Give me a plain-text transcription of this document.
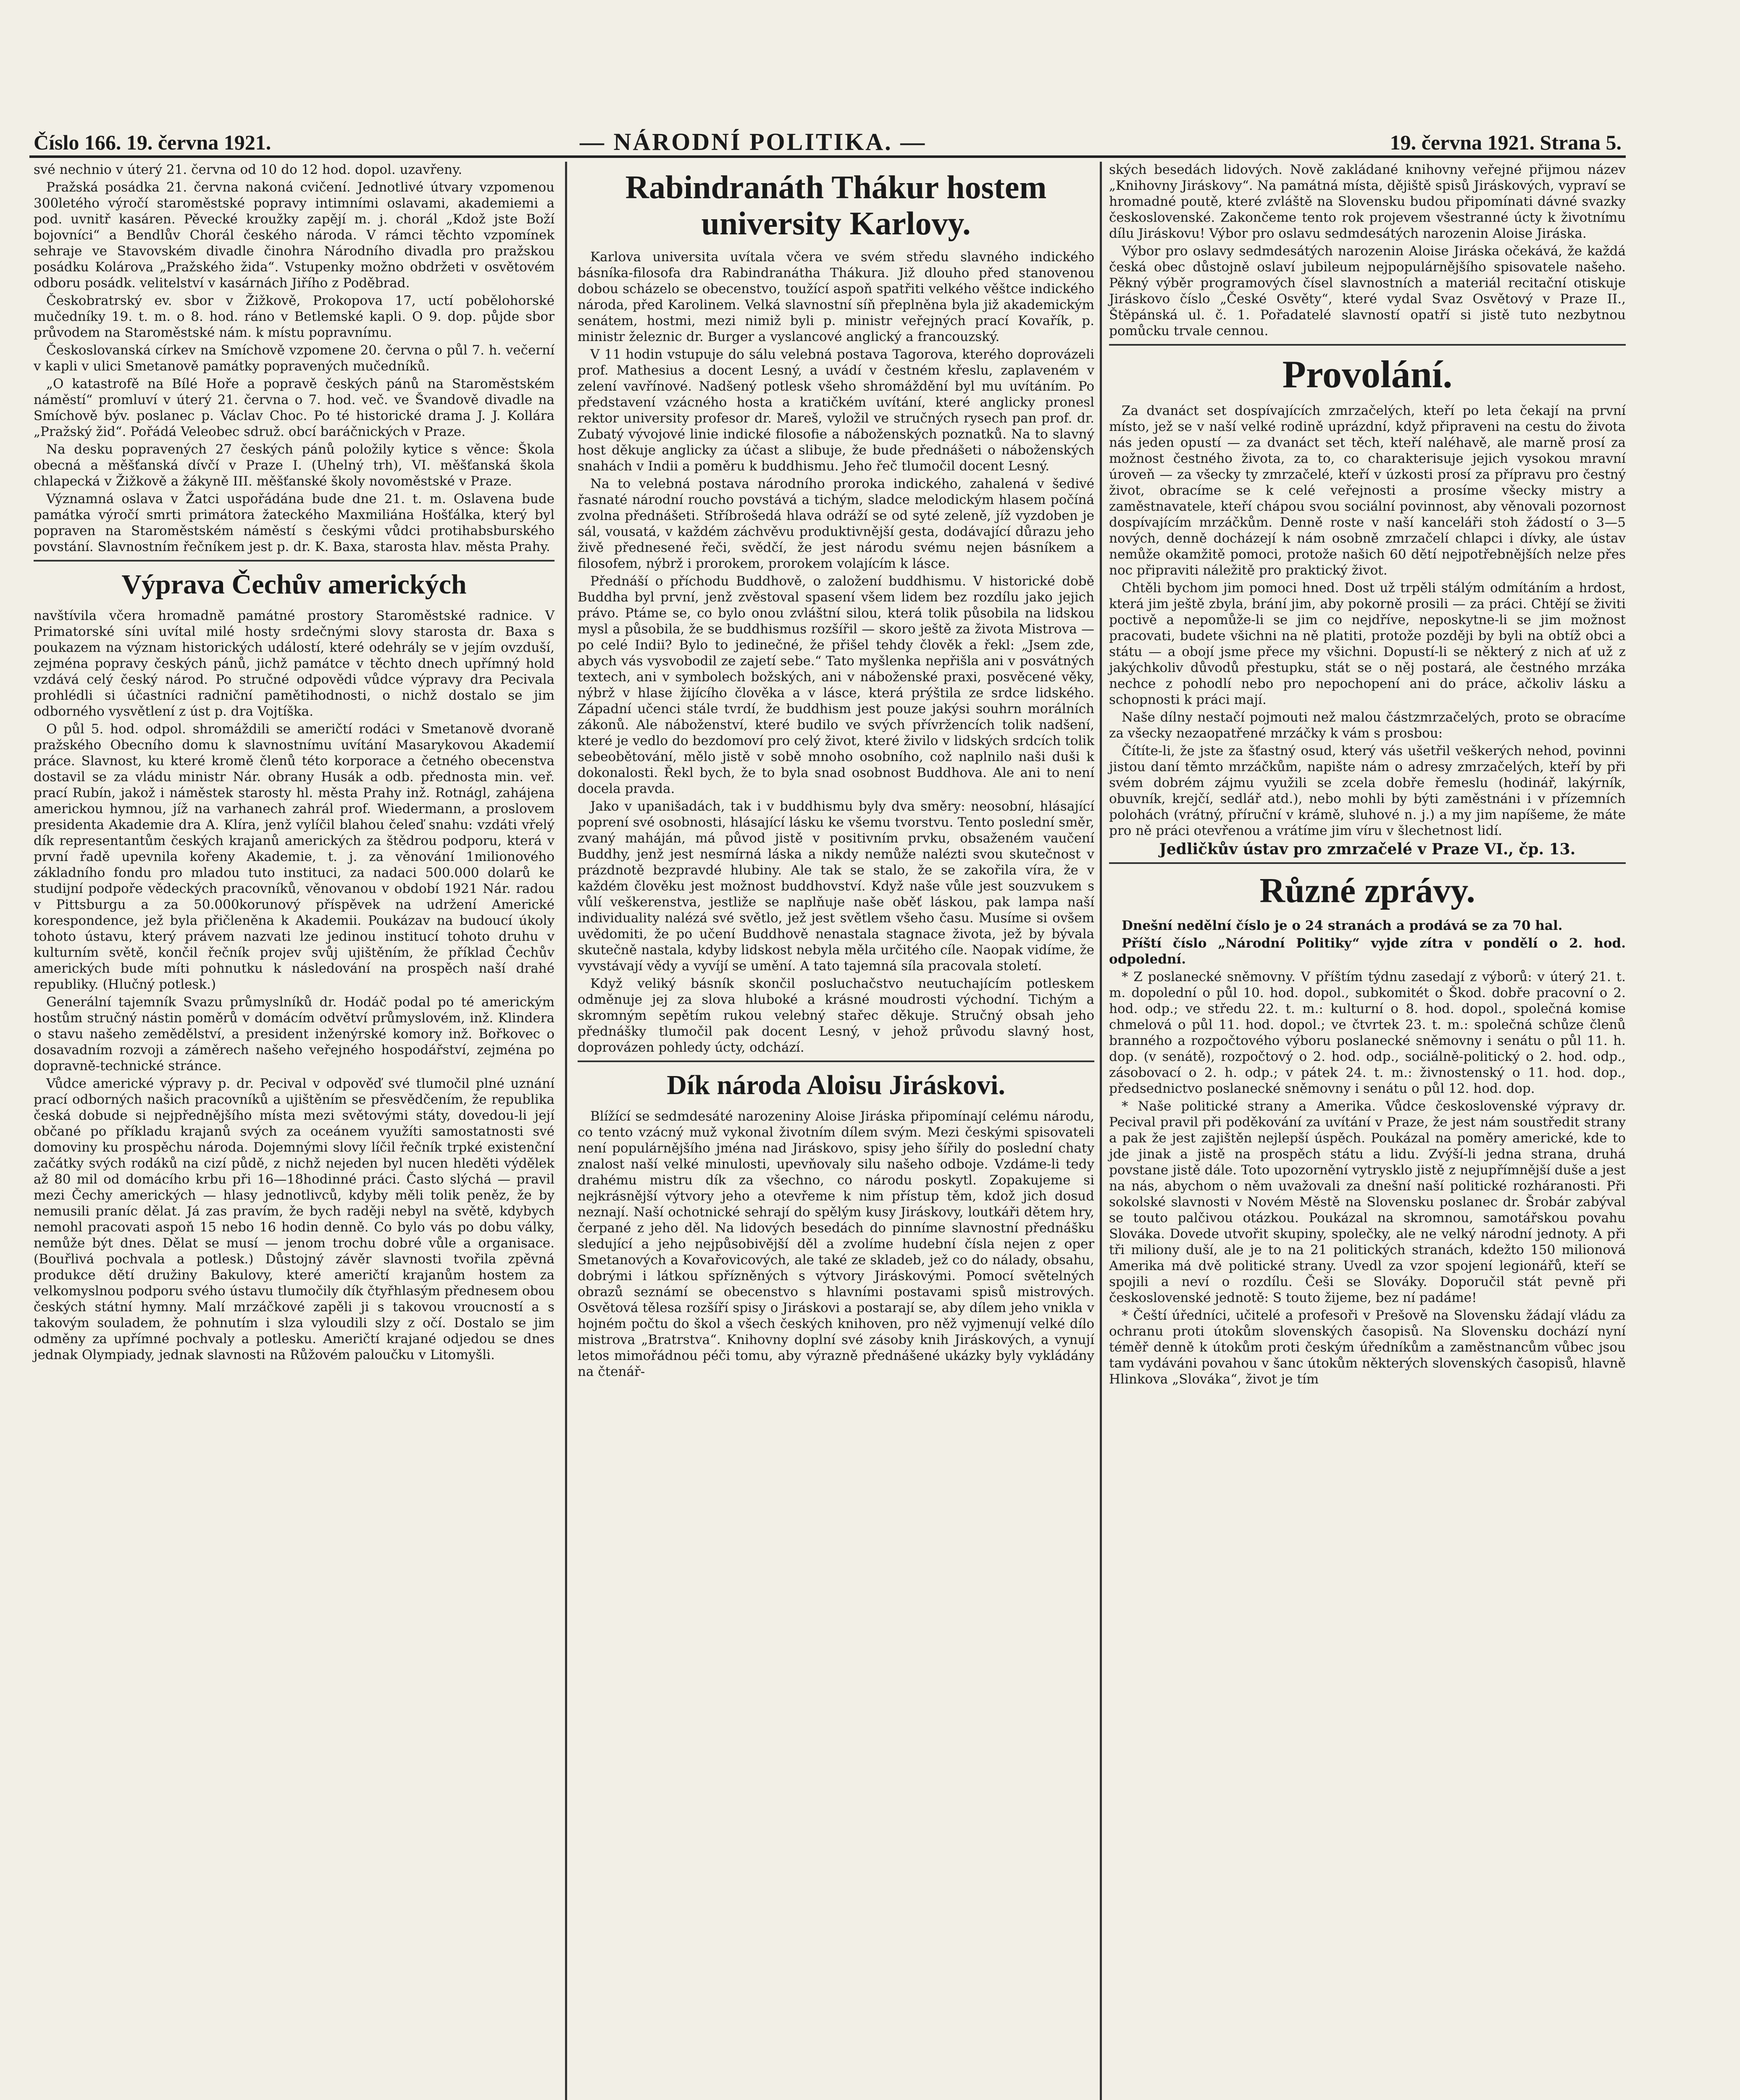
Číslo 166. 19. června 1921.	— NÁRODNÍ POLITIKA. —	19. června 1921. Strana 5.

své nechnio v úterý 21. června od 10 do 12 hod. dopol. uzavřeny.

Pražská posádka 21. června nakoná cvičení. Jednotlivé útvary vzpomenou 300letého výročí staroměstské popravy intimními oslavami, akademiemi a pod. uvnitř kasáren. Pěvecké kroužky zapějí m. j. chorál „Kdož jste Boží bojovníci“ a Bendlův Chorál českého národa. V rámci těchto vzpomínek sehraje ve Stavovském divadle činohra Národního divadla pro pražskou posádku Kolárova „Pražského žida“. Vstupenky možno obdržeti v osvětovém odboru posádk. velitelství v kasárnách Jiřího z Poděbrad.

Českobratrský ev. sbor v Žižkově, Prokopova 17, uctí pobělohorské mučedníky 19. t. m. o 8. hod. ráno v Betlemské kapli. O 9. dop. půjde sbor průvodem na Staroměstské nám. k místu popravnímu.

Českoslovanská církev na Smíchově vzpomene 20. června o půl 7. h. večerní v kapli v ulici Smetanově památky popravených mučedníků.

„O katastrofě na Bílé Hoře a popravě českých pánů na Staroměstském náměstí“ promluví v úterý 21. června o 7. hod. več. ve Švandově divadle na Smíchově býv. poslanec p. Václav Choc. Po té historické drama J. J. Kollára „Pražský žid“. Pořádá Veleobec sdruž. obcí baráčnických v Praze.

Na desku popravených 27 českých pánů položily kytice s věnce: Škola obecná a měšťanská dívčí v Praze I. (Uhelný trh), VI. měšťanská škola chlapecká v Žižkově a žákyně III. měšťanské školy novoměstské v Praze.

Významná oslava v Žatci uspořádána bude dne 21. t. m. Oslavena bude památka výročí smrti primátora žateckého Maxmiliána Hošťálka, který byl popraven na Staroměstském náměstí s českými vůdci protihabsburského povstání. Slavnostním řečníkem jest p. dr. K. Baxa, starosta hlav. města Prahy.

Výprava Čechův amerických

navštívila včera hromadně památné prostory Staroměstské radnice. V Primatorské síni uvítal milé hosty srdečnými slovy starosta dr. Baxa s poukazem na význam historických událostí, které odehrály se v jejím ovzduší, zejména popravy českých pánů, jichž památce v těchto dnech upřímný hold vzdává celý český národ. Po stručné odpovědi vůdce výpravy dra Pecivala prohlédli si účastníci radniční pamětihodnosti, o nichž dostalo se jim odborného vysvětlení z úst p. dra Vojtíška.

O půl 5. hod. odpol. shromáždili se američtí rodáci v Smetanově dvoraně pražského Obecního domu k slavnostnímu uvítání Masarykovou Akademií práce. Slavnost, ku které kromě členů této korporace a četného obecenstva dostavil se za vládu ministr Nár. obrany Husák a odb. přednosta min. veř. prací Rubín, jakož i náměstek starosty hl. města Prahy inž. Rotnágl, zahájena americkou hymnou, jíž na varhanech zahrál prof. Wiedermann, a proslovem presidenta Akademie dra A. Klíra, jenž vylíčil blahou čeleď snahu: vzdáti vřelý dík representantům českých krajanů amerických za štědrou podporu, která v první řadě upevnila kořeny Akademie, t. j. za věnování 1milionového základního fondu pro mladou tuto instituci, za nadaci 500.000 dolarů ke studijní podpoře vědeckých pracovníků, věnovanou v období 1921 Nár. radou v Pittsburgu a za 50.000korunový příspěvek na udržení Americké korespondence, jež byla přičleněna k Akademii. Poukázav na budoucí úkoly tohoto ústavu, který právem nazvati lze jedinou institucí tohoto druhu v kulturním světě, končil řečník projev svůj ujištěním, že příklad Čechův amerických bude míti pohnutku k následování na prospěch naší drahé republiky. (Hlučný potlesk.)

Generální tajemník Svazu průmyslníků dr. Hodáč podal po té americkým hostům stručný nástin poměrů v domácím odvětví průmyslovém, inž. Klindera o stavu našeho zemědělství, a president inženýrské komory inž. Bořkovec o dosavadním rozvoji a záměrech našeho veřejného hospodářství, zejména po dopravně-technické stránce.

Vůdce americké výpravy p. dr. Pecival v odpověď své tlumočil plné uznání prací odborných našich pracovníků a ujištěním se přesvědčením, že republika česká dobude si nejpřednějšího místa mezi světovými státy, dovedou-li její občané po příkladu krajanů svých za oceánem využíti samostatnosti své domoviny ku prospěchu národa. Dojemnými slovy líčil řečník trpké existenční začátky svých rodáků na cizí půdě, z nichž nejeden byl nucen hleděti výdělek až 80 mil od domácího krbu při 16—18hodinné práci. Často slýchá — pravil mezi Čechy amerických — hlasy jednotlivců, kdyby měli tolik peněz, že by nemusili praníc dělat. Já zas pravím, že bych raději nebyl na světě, kdybych nemohl pracovati aspoň 15 nebo 16 hodin denně. Co bylo vás po dobu války, nemůže být dnes. Dělat se musí — jenom trochu dobré vůle a organisace. (Bouřlivá pochvala a potlesk.) Důstojný závěr slavnosti tvořila zpěvná produkce dětí družiny Bakulovy, které američtí krajanům hostem za velkomyslnou podporu svého ústavu tlumočily dík čtyřhlasým přednesem obou českých státní hymny. Malí mrzáčkové zapěli ji s takovou vroucností a s takovým souladem, že pohnutím i slza vyloudili slzy z očí. Dostalo se jim odměny za upřímné pochvaly a potlesku. Američtí krajané odjedou se dnes jednak Olympiady, jednak slavnosti na Růžovém paloučku v Litomyšli.

Rabindranáth Thákur hostem university Karlovy.

Karlova universita uvítala včera ve svém středu slavného indického básníka-filosofa dra Rabindranátha Thákura. Již dlouho před stanovenou dobou scházelo se obecenstvo, toužící aspoň spatřiti velkého věštce indického národa, před Karolinem. Velká slavnostní síň přeplněna byla již akademickým senátem, hostmi, mezi nimiž byli p. ministr veřejných prací Kovařík, p. ministr železnic dr. Burger a vyslancové anglický a francouzský.

V 11 hodin vstupuje do sálu velebná postava Tagorova, kterého doprovázeli prof. Mathesius a docent Lesný, a uvádí v čestném křeslu, zaplaveném v zelení vavřínové. Nadšený potlesk všeho shromáždění byl mu uvítáním. Po představení vzácného hosta a kratičkém uvítání, které anglicky pronesl rektor university profesor dr. Mareš, vyložil ve stručných rysech pan prof. dr. Zubatý vývojové linie indické filosofie a náboženských poznatků. Na to slavný host děkuje anglicky za účast a slibuje, že bude přednášeti o náboženských snahách v Indii a poměru k buddhismu. Jeho řeč tlumočil docent Lesný.

Na to velebná postava národního proroka indického, zahalená v šedivé řasnaté národní roucho povstává a tichým, sladce melodickým hlasem počíná zvolna přednášeti. Stříbrošedá hlava odráží se od syté zeleně, jíž vyzdoben je sál, vousatá, v každém záchvěvu produktivnější gesta, dodávající důrazu jeho živě přednesené řeči, svědčí, že jest národu svému nejen básníkem a filosofem, nýbrž i prorokem, prorokem volajícím k lásce.

Přednáší o příchodu Buddhově, o založení buddhismu. V historické době Buddha byl první, jenž zvěstoval spasení všem lidem bez rozdílu jako jejich právo. Ptáme se, co bylo onou zvláštní silou, která tolik působila na lidskou mysl a působila, že se buddhismus rozšířil — skoro ještě za života Mistrova — po celé Indii? Bylo to jedinečné, že přišel tehdy člověk a řekl: „Jsem zde, abych vás vysvobodil ze zajetí sebe.“ Tato myšlenka nepřišla ani v posvátných textech, ani v symbolech božských, ani v náboženské praxi, posvěcené věky, nýbrž v hlase žijícího člověka a v lásce, která prýštila ze srdce lidského. Západní učenci stále tvrdí, že buddhism jest pouze jakýsi souhrn morálních zákonů. Ale náboženství, které budilo ve svých přívržencích tolik nadšení, které je vedlo do bezdomoví pro celý život, které živilo v lidských srdcích tolik sebeobětování, mělo jistě v sobě mnoho osobního, což naplnilo naši duši k dokonalosti. Řekl bych, že to byla snad osobnost Buddhova. Ale ani to není docela pravda.

Jako v upanišadách, tak i v buddhismu byly dva směry: neosobní, hlásající poprení své osobnosti, hlásající lásku ke všemu tvorstvu. Tento poslední směr, zvaný maháján, má původ jistě v positivním prvku, obsaženém vaučení Buddhy, jenž jest nesmírná láska a nikdy nemůže nalézti svou skutečnost v prázdnotě bezpravdé hlubiny. Ale tak se stalo, že se zakořila víra, že v každém člověku jest možnost buddhovství. Když naše vůle jest souzvukem s vůlí veškerenstva, jestliže se naplňuje naše oběť láskou, pak lampa naší individuality nalézá své světlo, jež jest světlem všeho času. Musíme si ovšem uvědomiti, že po učení Buddhově nenastala stagnace života, jež by bývala skutečně nastala, kdyby lidskost nebyla měla určitého cíle. Naopak vidíme, že vyvstávají vědy a vyvíjí se umění. A tato tajemná síla pracovala století.

Když veliký básník skončil posluchačstvo neutuchajícím potleskem odměnuje jej za slova hluboké a krásné moudrosti východní. Tichým a skromným sepětím rukou velebný stařec děkuje. Stručný obsah jeho přednášky tlumočil pak docent Lesný, v jehož průvodu slavný host, doprovázen pohledy úcty, odchází.

Dík národa Aloisu Jiráskovi.

Blížící se sedmdesáté narozeniny Aloise Jiráska připomínají celému národu, co tento vzácný muž vykonal životním dílem svým. Mezi českými spisovateli není populárnějšího jména nad Jiráskovo, spisy jeho šířily do poslední chaty znalost naší velké minulosti, upevňovaly silu našeho odboje. Vzdáme-li tedy drahému mistru dík za všechno, co národu poskytl. Zopakujeme si nejkrásnější výtvory jeho a otevřeme k nim přístup těm, kdož jich dosud neznají. Naší ochotnické sehrají do spělým kusy Jiráskovy, loutkáři dětem hry, čerpané z jeho děl. Na lidových besedách do pinníme slavnostní přednášku sledující a jeho nejpůsobivější děl a zvolíme hudební čísla nejen z oper Smetanových a Kovařovicových, ale také ze skladeb, jež co do nálady, obsahu, dobrými i látkou spřízněných s výtvory Jiráskovými. Pomocí světelných obrazů seznámí se obecenstvo s hlavními postavami spisů mistrových. Osvětová tělesa rozšíří spisy o Jiráskovi a postarají se, aby dílem jeho vnikla v hojném počtu do škol a všech českých knihoven, pro něž vyjmenují velké dílo mistrova „Bratrstva“. Knihovny doplní své zásoby knih Jiráskových, a vynují letos mimořádnou péči tomu, aby výrazně přednášené ukázky byly vykládány na čtenář-

ských besedách lidových. Nově zakládané knihovny veřejné přijmou název „Knihovny Jiráskovy“. Na památná místa, dějiště spisů Jiráskových, vypraví se hromadné poutě, které zvláště na Slovensku budou připomínati dávné svazky československé. Zakončeme tento rok projevem všestranné úcty k životnímu dílu Jiráskovu! Výbor pro oslavu sedmdesátých narozenin Aloise Jiráska.

Výbor pro oslavy sedmdesátých narozenin Aloise Jiráska očekává, že každá česká obec důstojně oslaví jubileum nejpopulárnějšího spisovatele našeho. Pěkný výběr programových čísel slavnostních a materiál recitační otiskuje Jiráskovo číslo „České Osvěty“, které vydal Svaz Osvětový v Praze II., Štěpánská ul. č. 1. Pořadatelé slavností opatří si jistě tuto nezbytnou pomůcku trvale cennou.

Provolání.

Za dvanáct set dospívajících zmrzačelých, kteří po leta čekají na první místo, jež se v naší velké rodině uprázdní, když připraveni na cestu do života nás jeden opustí — za dvanáct set těch, kteří naléhavě, ale marně prosí za možnost čestného života, za to, co charakterisuje jejich vysokou mravní úroveň — za všecky ty zmrzačelé, kteří v úzkosti prosí za přípravu pro čestný život, obracíme se k celé veřejnosti a prosíme všecky mistry a zaměstnavatele, kteří chápou svou sociální povinnost, aby věnovali pozornost dospívajícím mrzáčkům. Denně roste v naší kanceláři stoh žádostí o 3—5 nových, denně docházejí k nám osobně zmrzačelí chlapci i dívky, ale ústav nemůže okamžitě pomoci, protože našich 60 dětí nejpotřebnějších nelze přes noc připraviti náležitě pro praktický život.

Chtěli bychom jim pomoci hned. Dost už trpěli stálým odmítáním a hrdost, která jim ještě zbyla, brání jim, aby pokorně prosili — za práci. Chtějí se živiti poctivě a nepomůže-li se jim co nejdříve, neposkytne-li se jim možnost pracovati, budete všichni na ně platiti, protože později by byli na obtíž obci a státu — a obojí jsme přece my všichni. Dopustí-li se některý z nich ať už z jakýchkoliv důvodů přestupku, stát se o něj postará, ale čestného mrzáka nechce z pohodlí nebo pro nepochopení ani do práce, ačkoliv lásku a schopnosti k práci mají.

Naše dílny nestačí pojmouti než malou částzmrzačelých, proto se obracíme za všecky nezaopatřené mrzáčky k vám s prosbou:

Čítíte-li, že jste za šťastný osud, který vás ušetřil veškerých nehod, povinni jistou daní těmto mrzáčkům, napište nám o adresy zmrzačelých, kteří by při svém dobrém zájmu využili se zcela dobře řemeslu (hodinář, lakýrník, obuvník, krejčí, sedlář atd.), nebo mohli by býti zaměstnáni i v přízemních polohách (vrátný, příruční v krámě, sluhové n. j.) a my jim napíšeme, že máte pro ně práci otevřenou a vrátíme jim víru v šlechetnost lidí.

Jedličkův ústav pro zmrzačelé v Praze VI., čp. 13.
Různé zprávy.

Dnešní nedělní číslo je o 24 stranách a prodává se za 70 hal.

Příští číslo „Národní Politiky“ vyjde zítra v pondělí o 2. hod. odpolední.

* Z poslanecké sněmovny. V příštím týdnu zasedají z výborů: v úterý 21. t. m. dopolední o půl 10. hod. dopol., subkomitét o Škod. dobře pracovní o 2. hod. odp.; ve středu 22. t. m.: kulturní o 8. hod. dopol., společná komise chmelová o půl 11. hod. dopol.; ve čtvrtek 23. t. m.: společná schůze členů branného a rozpočtového výboru poslanecké sněmovny i senátu o půl 11. h. dop. (v senátě), rozpočtový o 2. hod. odp., sociálně-politický o 2. hod. odp., zásobovací o 2. h. odp.; v pátek 24. t. m.: živnostenský o 11. hod. dop., předsednictvo poslanecké sněmovny i senátu o půl 12. hod. dop.

* Naše politické strany a Amerika. Vůdce československé výpravy dr. Pecival pravil při poděkování za uvítání v Praze, že jest nám soustředit strany a pak že jest zajištěn nejlepší úspěch. Poukázal na poměry americké, kde to jde jinak a jistě na prospěch státu a lidu. Zvýší-li jedna strana, druhá povstane jistě dále. Toto upozornění vytrysklo jistě z nejupřímnější duše a jest na nás, abychom o něm uvažovali za dnešní naší politické rozháranosti. Při sokolské slavnosti v Novém Městě na Slovensku poslanec dr. Šrobár zabýval se touto palčivou otázkou. Poukázal na skromnou, samotářskou povahu Slováka. Dovede utvořit skupiny, společky, ale ne velký národní jednoty. A při tři miliony duší, ale je to na 21 politických stranách, kdežto 150 milionová Amerika má dvě politické strany. Uvedl za vzor spojení legionářů, kteří se spojili a neví o rozdílu. Češi se Slováky. Doporučil stát pevně při československé jednotě: S touto žijeme, bez ní padáme!

* Čeští úředníci, učitelé a profesoři v Prešově na Slovensku žádají vládu za ochranu proti útokům slovenských časopisů. Na Slovensku dochází nyní téměř denně k útokům proti českým úředníkům a zaměstnancům vůbec jsou tam vydáváni povahou v šanc útokům některých slovenských časopisů, hlavně Hlinkova „Slováka“, život je tím
